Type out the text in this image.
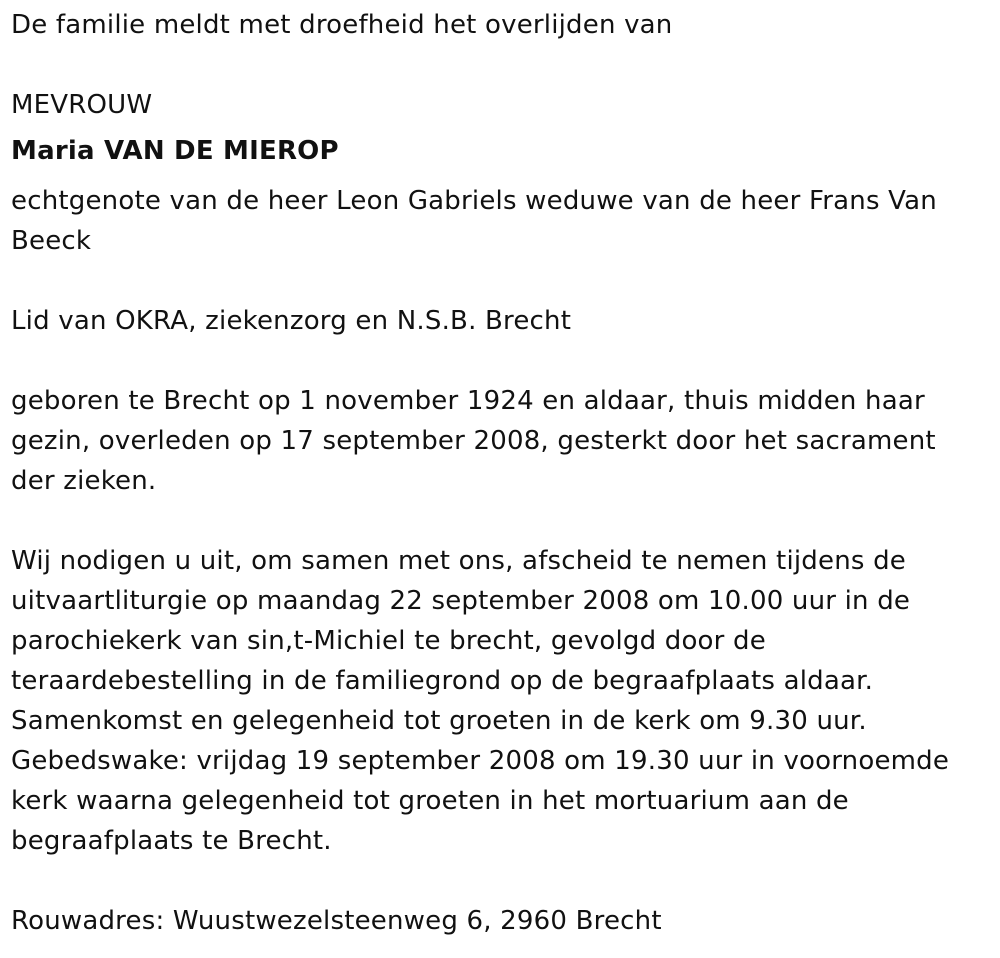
De familie meldt met droefheid het overlijden van

MEVROUW

Maria VAN DE MIEROP

echtgenote van de heer Leon Gabriels weduwe van de heer Frans Van Beeck

Lid van OKRA, ziekenzorg en N.S.B. Brecht

geboren te Brecht op 1 november 1924 en aldaar, thuis midden haar gezin, overleden op 17 september 2008, gesterkt door het sacrament der zieken.

Wij nodigen u uit, om samen met ons, afscheid te nemen tijdens de uitvaartliturgie op maandag 22 september 2008 om 10.00 uur in de parochiekerk van sin,t-Michiel te brecht, gevolgd door de teraardebestelling in de familiegrond op de begraafplaats aldaar. Samenkomst en gelegenheid tot groeten in de kerk om 9.30 uur. Gebedswake: vrijdag 19 september 2008 om 19.30 uur in voornoemde kerk waarna gelegenheid tot groeten in het mortuarium aan de begraafplaats te Brecht.

Rouwadres: Wuustwezelsteenweg 6, 2960 Brecht
